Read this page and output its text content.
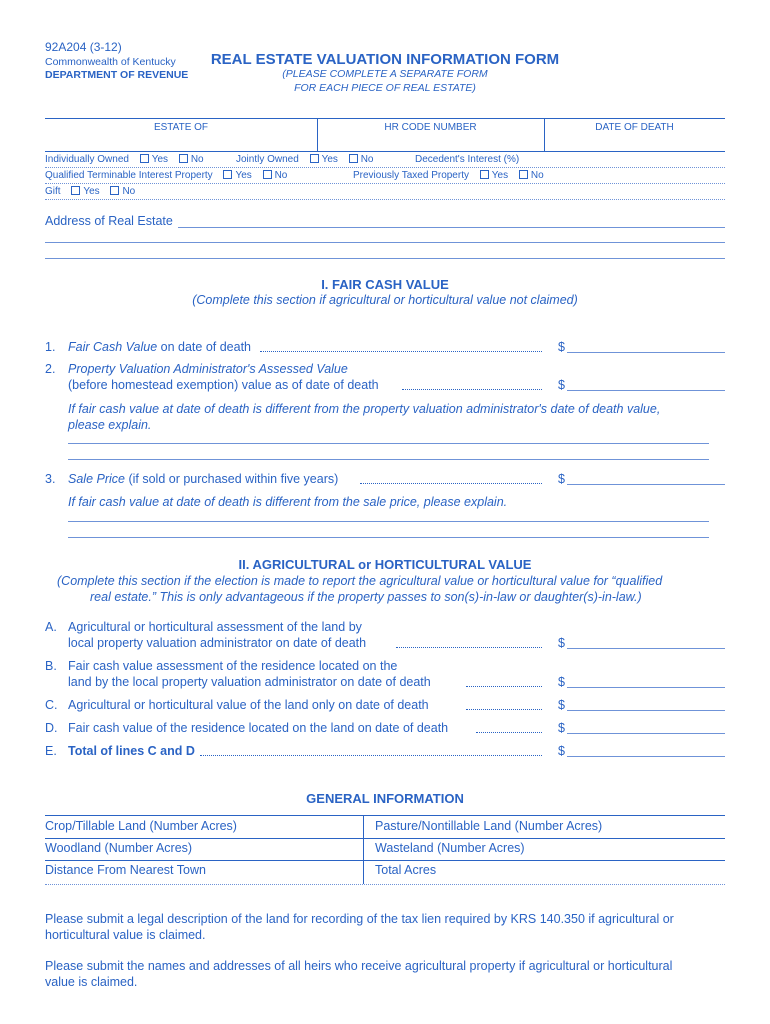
92A204 (3-12)
Commonwealth of Kentucky
DEPARTMENT OF REVENUE
REAL ESTATE VALUATION INFORMATION FORM
(PLEASE COMPLETE A SEPARATE FORM
FOR EACH PIECE OF REAL ESTATE)
ESTATE OF	HR CODE NUMBER	DATE OF DEATH
Individually Owned Yes No	Jointly Owned Yes No	Decedent's Interest (%)
Qualified Terminable Interest Property Yes No	Previously Taxed Property Yes No
Gift Yes No
Address of Real Estate
I. FAIR CASH VALUE
(Complete this section if agricultural or horticultural value not claimed)
1. Fair Cash Value on date of death	$
2. Property Valuation Administrator's Assessed Value
(before homestead exemption) value as of date of death	$
If fair cash value at date of death is different from the property valuation administrator's date of death value,
please explain.
3. Sale Price (if sold or purchased within five years)	$
If fair cash value at date of death is different from the sale price, please explain.
II. AGRICULTURAL or HORTICULTURAL VALUE
(Complete this section if the election is made to report the agricultural value or horticultural value for “qualified
real estate.” This is only advantageous if the property passes to son(s)-in-law or daughter(s)-in-law.)
A. Agricultural or horticultural assessment of the land by
local property valuation administrator on date of death	$
B. Fair cash value assessment of the residence located on the
land by the local property valuation administrator on date of death	$
C. Agricultural or horticultural value of the land only on date of death	$
D. Fair cash value of the residence located on the land on date of death	$
E. Total of lines C and D	$
GENERAL INFORMATION
Crop/Tillable Land (Number Acres)	Pasture/Nontillable Land (Number Acres)
Woodland (Number Acres)	Wasteland (Number Acres)
Distance From Nearest Town	Total Acres
Please submit a legal description of the land for recording of the tax lien required by KRS 140.350 if agricultural or
horticultural value is claimed.
Please submit the names and addresses of all heirs who receive agricultural property if agricultural or horticultural
value is claimed.
